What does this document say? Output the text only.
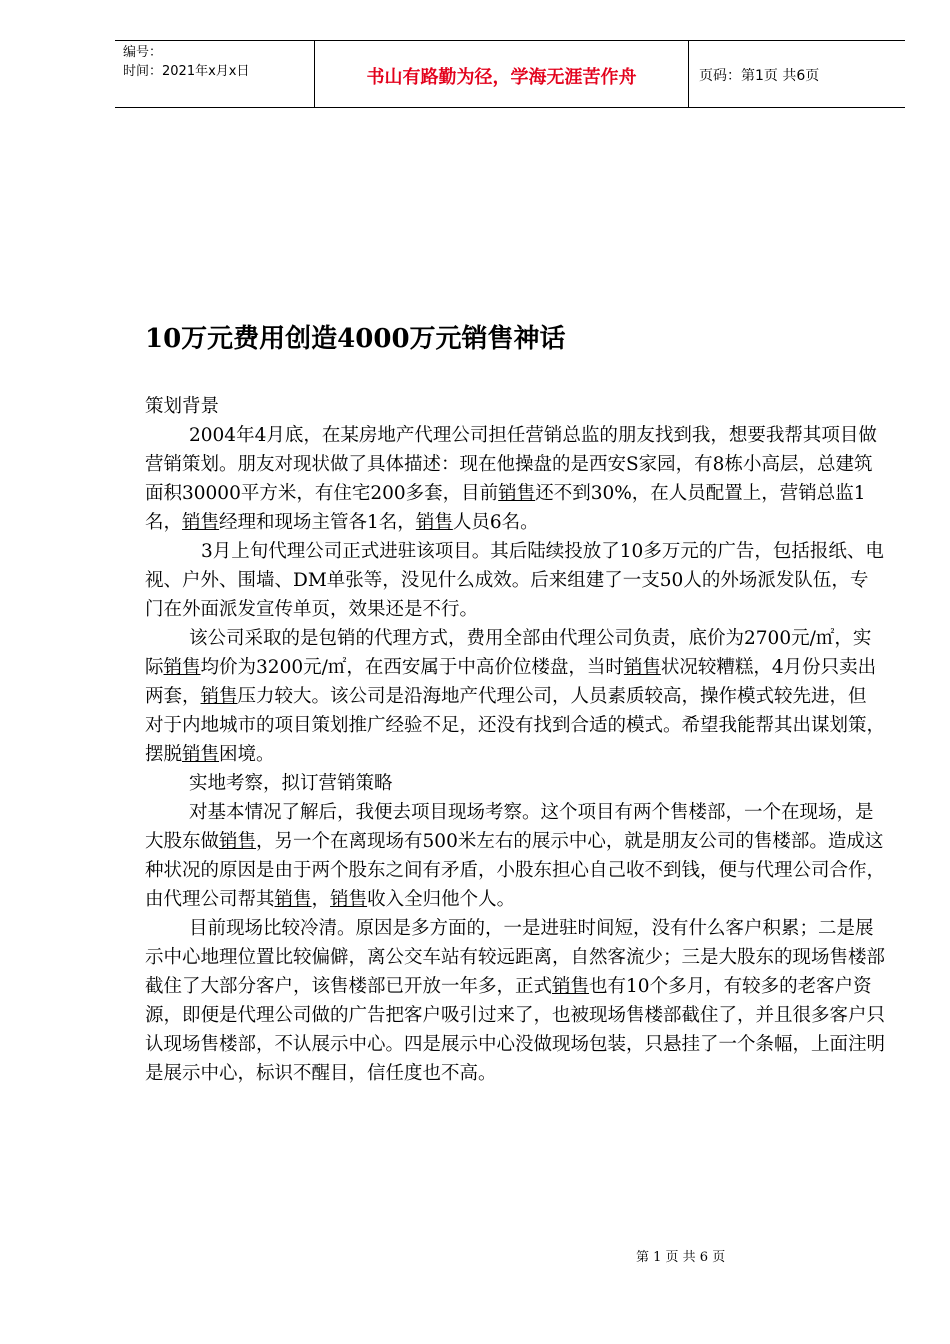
编号：
时间：2021年x月x日	书山有路勤为径，学海无涯苦作舟	页码：第1页 共6页
10万元费用创造4000万元销售神话

策划背景

2004年4月底，在某房地产代理公司担任营销总监的朋友找到我，想要我帮其项目做营销策划。朋友对现状做了具体描述：现在他操盘的是西安S家园，有8栋小高层，总建筑面积30000平方米，有住宅200多套，目前销售还不到30%，在人员配置上，营销总监1名，销售经理和现场主管各1名，销售人员6名。

3月上旬代理公司正式进驻该项目。其后陆续投放了10多万元的广告，包括报纸、电视、户外、围墙、DM单张等，没见什么成效。后来组建了一支50人的外场派发队伍，专门在外面派发宣传单页，效果还是不行。

该公司采取的是包销的代理方式，费用全部由代理公司负责，底价为2700元/㎡，实际销售均价为3200元/㎡，在西安属于中高价位楼盘，当时销售状况较糟糕，4月份只卖出两套，销售压力较大。该公司是沿海地产代理公司，人员素质较高，操作模式较先进，但对于内地城市的项目策划推广经验不足，还没有找到合适的模式。希望我能帮其出谋划策，摆脱销售困境。

实地考察，拟订营销策略

对基本情况了解后，我便去项目现场考察。这个项目有两个售楼部，一个在现场，是大股东做销售，另一个在离现场有500米左右的展示中心，就是朋友公司的售楼部。造成这种状况的原因是由于两个股东之间有矛盾，小股东担心自己收不到钱，便与代理公司合作，由代理公司帮其销售，销售收入全归他个人。

目前现场比较冷清。原因是多方面的，一是进驻时间短，没有什么客户积累；二是展示中心地理位置比较偏僻，离公交车站有较远距离，自然客流少；三是大股东的现场售楼部截住了大部分客户，该售楼部已开放一年多，正式销售也有10个多月，有较多的老客户资源，即便是代理公司做的广告把客户吸引过来了，也被现场售楼部截住了，并且很多客户只认现场售楼部，不认展示中心。四是展示中心没做现场包装，只悬挂了一个条幅，上面注明是展示中心，标识不醒目，信任度也不高。

第 1 页 共 6 页
